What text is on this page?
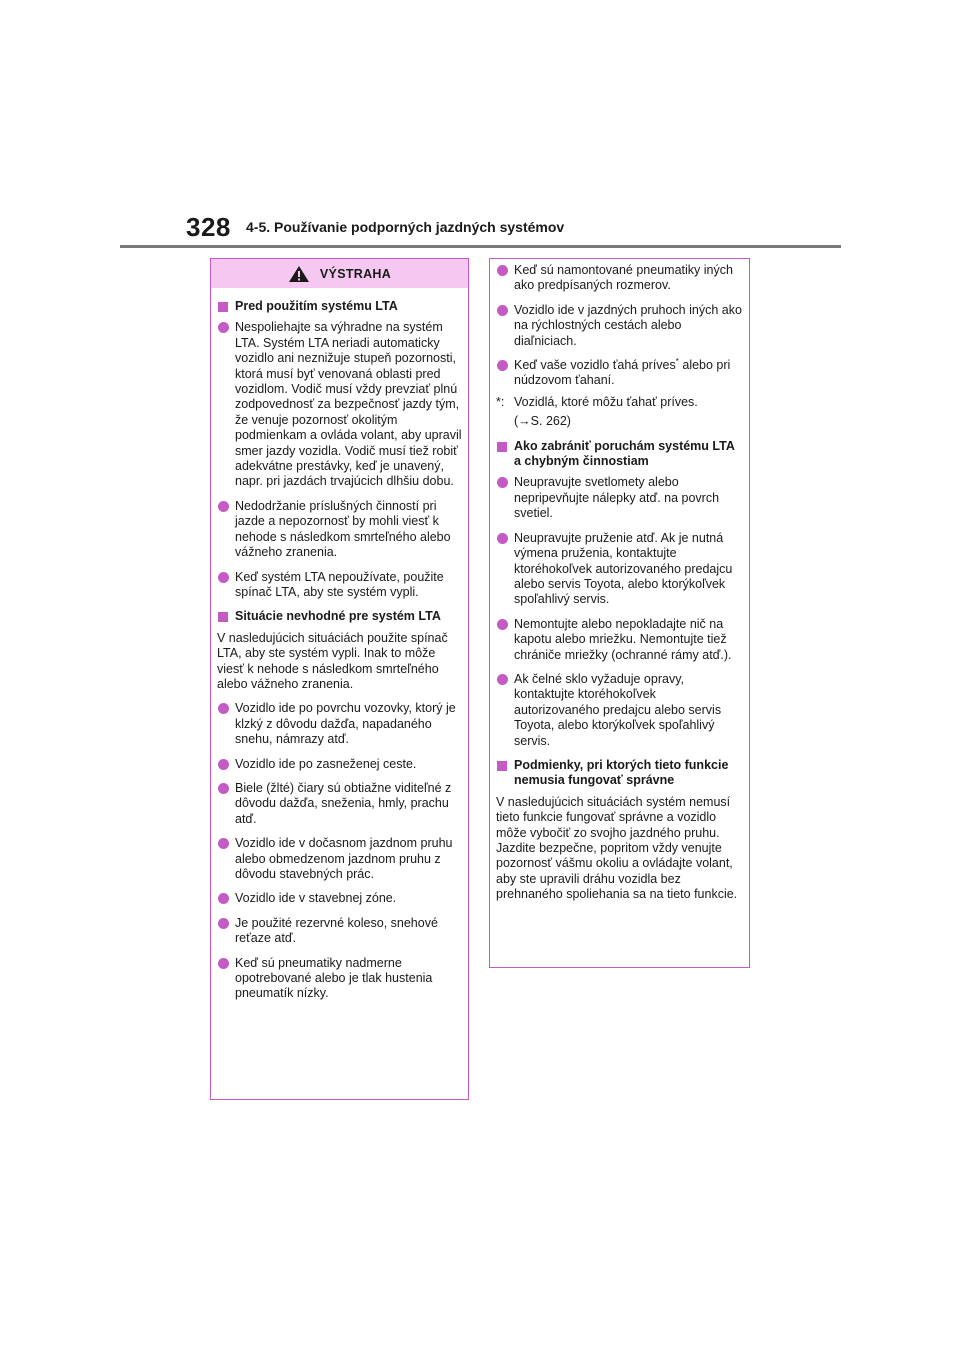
328 4-5. Používanie podporných jazdných systémov
VÝSTRAHA
Pred použitím systému LTA
Nespoliehajte sa výhradne na systém LTA. Systém LTA neriadi automaticky vozidlo ani neznižuje stupeň pozornosti, ktorá musí byť venovaná oblasti pred vozidlom. Vodič musí vždy prevziať plnú zodpovednosť za bezpečnosť jazdy tým, že venuje pozornosť okolitým podmienkam a ovláda volant, aby upravil smer jazdy vozidla. Vodič musí tiež robiť adekvátne prestávky, keď je unavený, napr. pri jazdách trvajúcich dlhšiu dobu.
Nedodržanie príslušných činností pri jazde a nepozornosť by mohli viesť k nehode s následkom smrteľného alebo vážneho zranenia.
Keď systém LTA nepoužívate, použite spínač LTA, aby ste systém vypli.
Situácie nevhodné pre systém LTA
V nasledujúcich situáciách použite spínač LTA, aby ste systém vypli. Inak to môže viesť k nehode s následkom smrteľného alebo vážneho zranenia.
Vozidlo ide po povrchu vozovky, ktorý je klzký z dôvodu dažďa, napadaného snehu, námrazy atď.
Vozidlo ide po zasneženej ceste.
Biele (žlté) čiary sú obtiažne viditeľné z dôvodu dažďa, sneženia, hmly, prachu atď.
Vozidlo ide v dočasnom jazdnom pruhu alebo obmedzenom jazdnom pruhu z dôvodu stavebných prác.
Vozidlo ide v stavebnej zóne.
Je použité rezervné koleso, snehové reťaze atď.
Keď sú pneumatiky nadmerne opotrebované alebo je tlak hustenia pneumatík nízky.
Keď sú namontované pneumatiky iných ako predpísaných rozmerov.
Vozidlo ide v jazdných pruhoch iných ako na rýchlostných cestách alebo diaľniciach.
Keď vaše vozidlo ťahá príves* alebo pri núdzovom ťahaní.
*: Vozidlá, ktoré môžu ťahať príves.
(→S. 262)
Ako zabrániť poruchám systému LTA a chybným činnostiam
Neupravujte svetlomety alebo nepripevňujte nálepky atď. na povrch svetiel.
Neupravujte pruženie atď. Ak je nutná výmena pruženia, kontaktujte ktoréhokoľvek autorizovaného predajcu alebo servis Toyota, alebo ktorýkoľvek spoľahlivý servis.
Nemontujte alebo nepokladajte nič na kapotu alebo mriežku. Nemontujte tiež chrániče mriežky (ochranné rámy atď.).
Ak čelné sklo vyžaduje opravy, kontaktujte ktoréhokoľvek autorizovaného predajcu alebo servis Toyota, alebo ktorýkoľvek spoľahlivý servis.
Podmienky, pri ktorých tieto funkcie nemusia fungovať správne
V nasledujúcich situáciách systém nemusí tieto funkcie fungovať správne a vozidlo môže vybočiť zo svojho jazdného pruhu. Jazdite bezpečne, popritom vždy venujte pozornosť vášmu okoliu a ovládajte volant, aby ste upravili dráhu vozidla bez prehnaného spoliehania sa na tieto funkcie.
